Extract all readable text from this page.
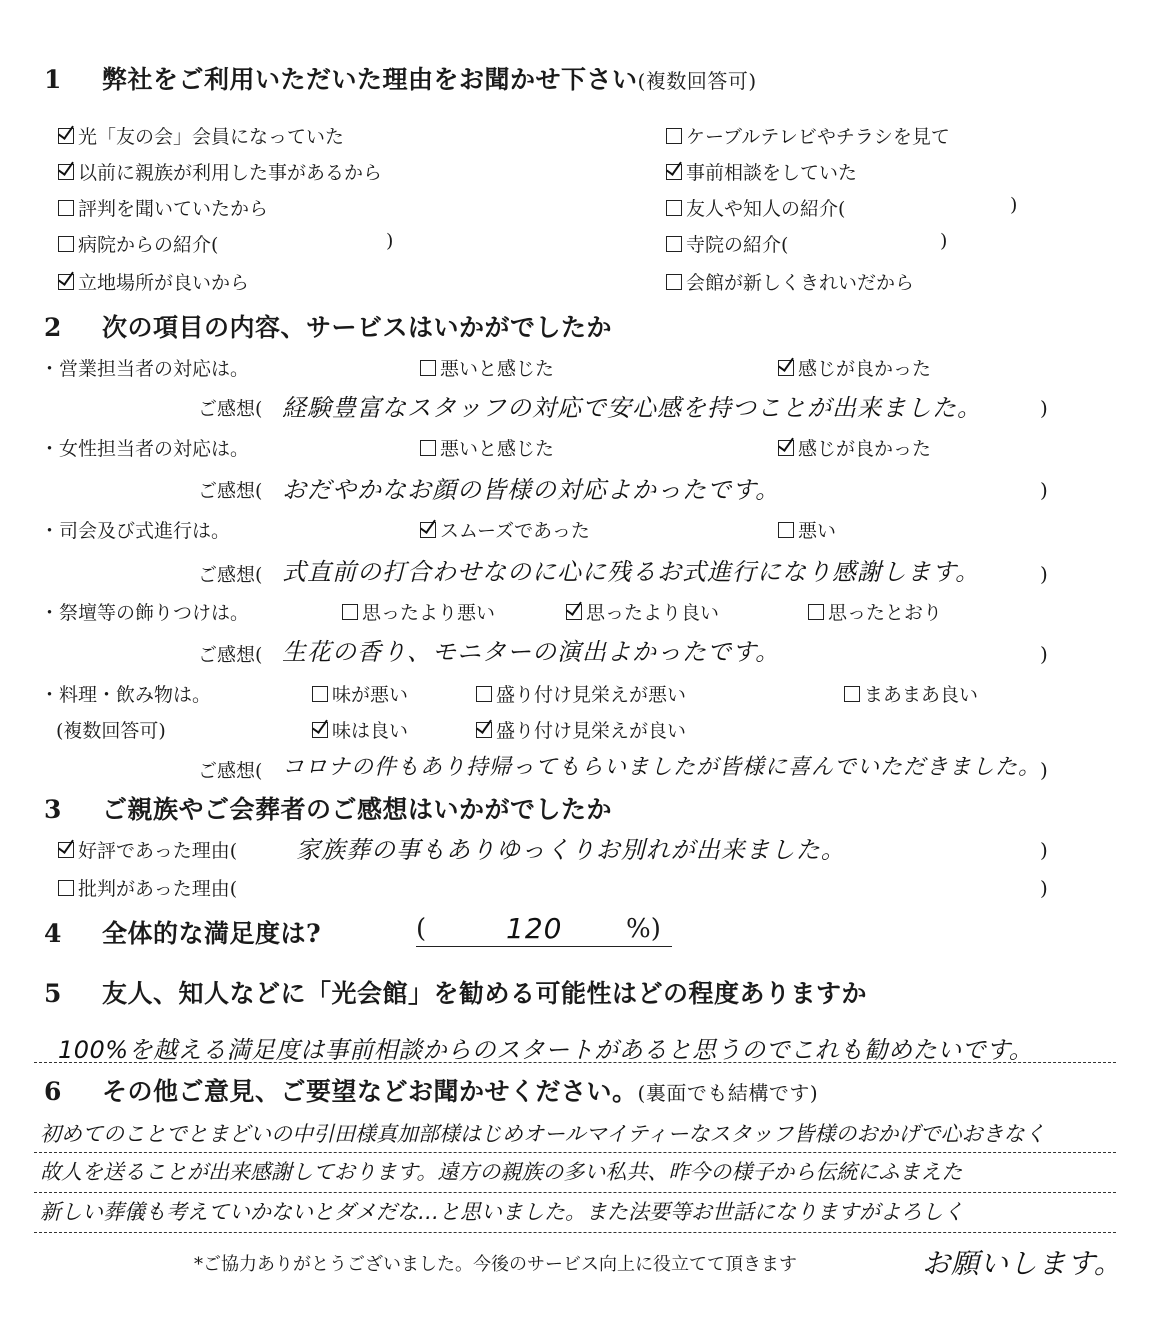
1 弊社をご利用いただいた理由をお聞かせ下さい(複数回答可)
光「友の会」会員になっていた	ケーブルテレビやチラシを見て
以前に親族が利用した事があるから	事前相談をしていた
評判を聞いていたから	友人や知人の紹介(	)
病院からの紹介(	)	寺院の紹介(	)
立地場所が良いから	会館が新しくきれいだから
2 次の項目の内容、サービスはいかがでしたか
・営業担当者の対応は。	悪いと感じた	感じが良かった
ご感想( 経験豊富なスタッフの対応で安心感を持つことが出来ました。	)
・女性担当者の対応は。	悪いと感じた	感じが良かった
ご感想( おだやかなお顔の皆様の対応よかったです。	)
・司会及び式進行は。	スムーズであった	悪い
ご感想( 式直前の打合わせなのに心に残るお式進行になり感謝します。	)
・祭壇等の飾りつけは。	思ったより悪い	思ったより良い	思ったとおり
ご感想( 生花の香り、モニターの演出よかったです。	)
・料理・飲み物は。	味が悪い	盛り付け見栄えが悪い	まあまあ良い
(複数回答可)	味は良い	盛り付け見栄えが良い
ご感想( コロナの件もあり持帰ってもらいましたが皆様に喜んでいただきました。
)
3 ご親族やご会葬者のご感想はいかがでしたか
好評であった理由( 家族葬の事もありゆっくりお別れが出来ました。	)
批判があった理由(	)
4 全体的な満足度は?	(	120 %)
5 友人、知人などに「光会館」を勧める可能性はどの程度ありますか
100%を越える満足度は事前相談からのスタートがあると思うのでこれも勧めたいです。
6 その他ご意見、ご要望などお聞かせください。(裏面でも結構です)
初めてのことでとまどいの中引田様真加部様はじめオールマイティーなスタッフ皆様のおかげで心おきなく
故人を送ることが出来感謝しております。遠方の親族の多い私共、昨今の様子から伝統にふまえた
新しい葬儀も考えていかないとダメだな…と思いました。また法要等お世話になりますがよろしく
*ご協力ありがとうございました。今後のサービス向上に役立てて頂きます	お願いします。
